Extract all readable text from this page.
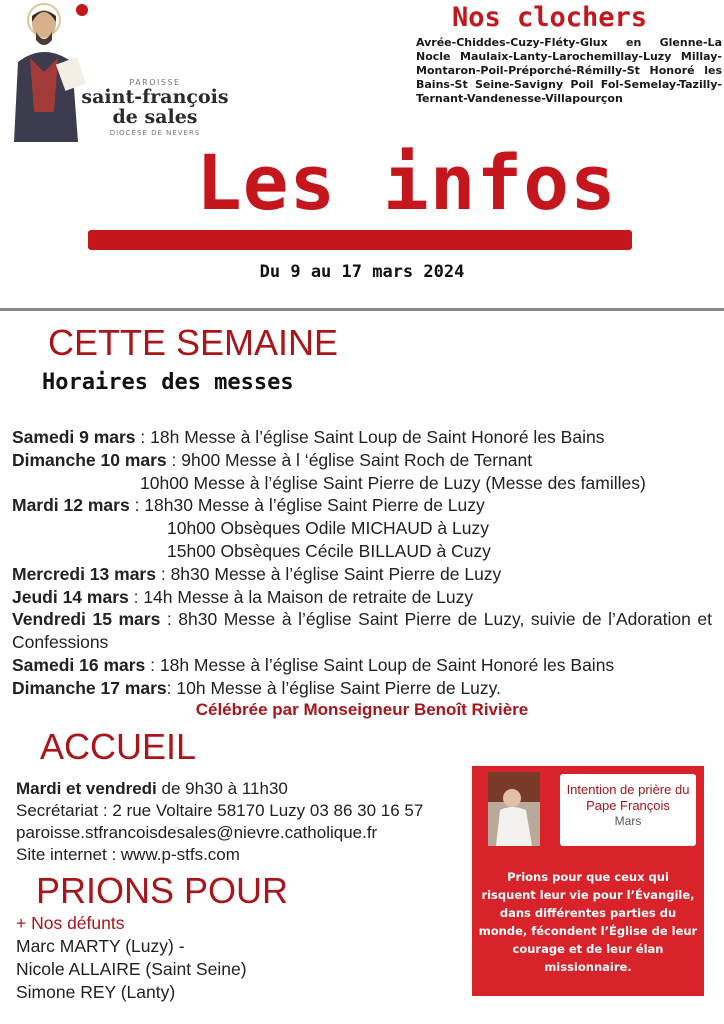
PAROISSE
saint-françois
de sales
DIOCESE DE NEVERS
Nos clochers
Avrée-Chiddes-Cuzy-Fléty-Glux en Glenne-La Nocle Maulaix-Lanty-Larochemillay-Luzy Millay-Montaron-Poil-Préporché-Rémilly-St Honoré les Bains-St Seine-Savigny Poil Fol-Semelay-Tazilly-Ternant-Vandenesse-Villapourçon
Les infos
Du 9 au 17 mars 2024
CETTE SEMAINE
Horaires des messes
Samedi 9 mars : 18h Messe à l’église Saint Loup de Saint Honoré les Bains
Dimanche 10 mars : 9h00 Messe à l ‘église Saint Roch de Ternant
10h00 Messe à l’église Saint Pierre de Luzy (Messe des familles)
Mardi 12 mars : 18h30 Messe à l’église Saint Pierre de Luzy
10h00 Obsèques Odile MICHAUD à Luzy
15h00 Obsèques Cécile BILLAUD à Cuzy
Mercredi 13 mars : 8h30 Messe à l’église Saint Pierre de Luzy
Jeudi 14 mars : 14h Messe à la Maison de retraite de Luzy
Vendredi 15 mars : 8h30 Messe à l’église Saint Pierre de Luzy, suivie de l’Adoration et Confessions
Samedi 16 mars : 18h Messe à l’église Saint Loup de Saint Honoré les Bains
Dimanche 17 mars: 10h Messe à l’église Saint Pierre de Luzy.
Célébrée par Monseigneur Benoît Rivière
ACCUEIL
Mardi et vendredi de 9h30 à 11h30
Secrétariat : 2 rue Voltaire 58170 Luzy 03 86 30 16 57
paroisse.stfrancoisdesales@nievre.catholique.fr
Site internet : www.p-stfs.com
PRIONS POUR
+ Nos défunts
Marc MARTY (Luzy) -
Nicole ALLAIRE (Saint Seine)
Simone REY (Lanty)
Intention de prière du Pape François
Mars
Prions pour que ceux qui risquent leur vie pour l’Évangile, dans différentes parties du monde, fécondent l’Église de leur courage et de leur élan missionnaire.
